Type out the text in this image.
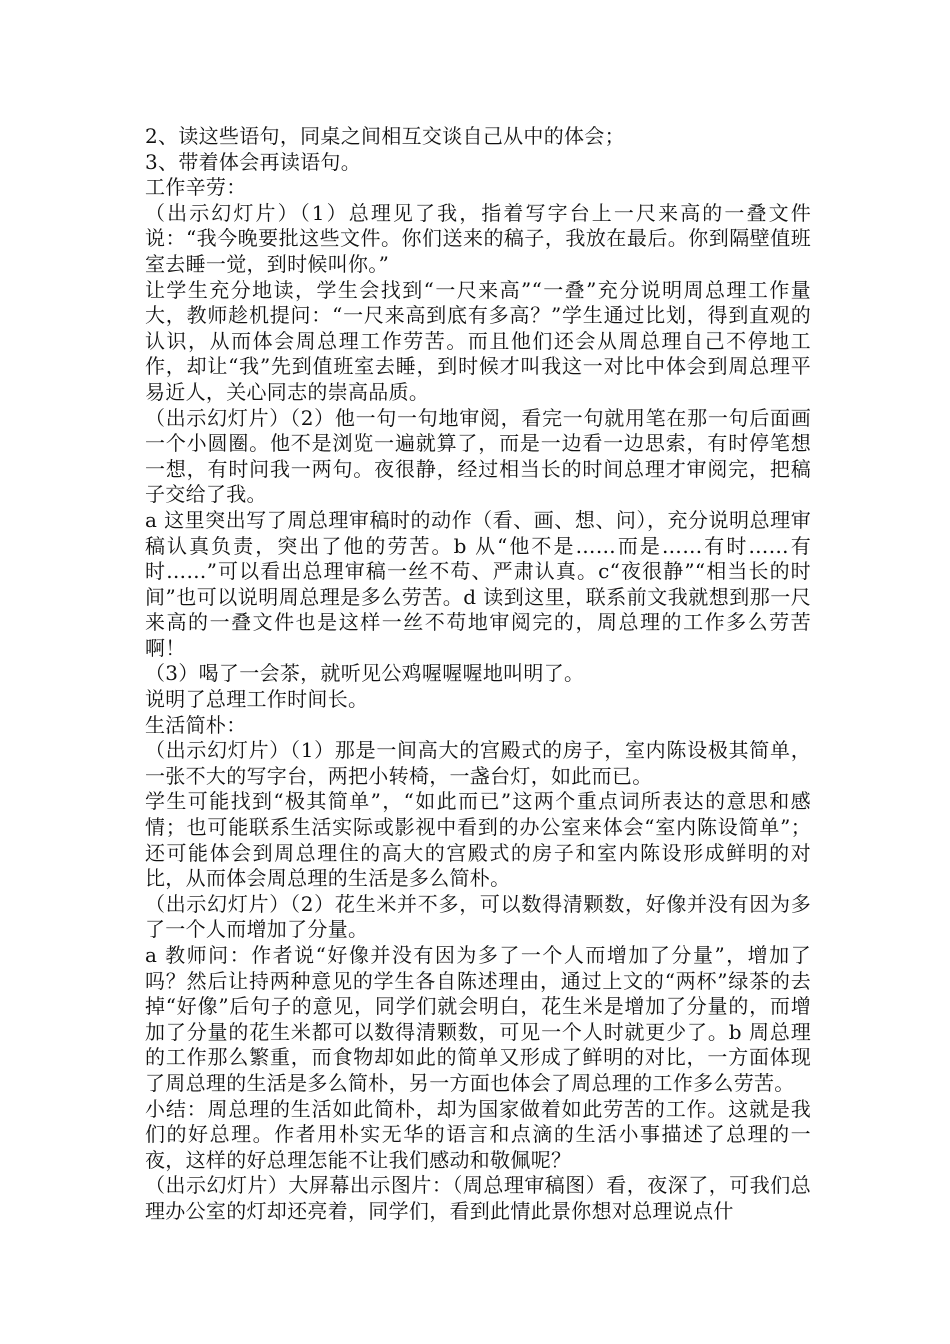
2、读这些语句，同桌之间相互交谈自己从中的体会；

3、带着体会再读语句。

工作辛劳：

（出示幻灯片）（1）总理见了我，指着写字台上一尺来高的一叠文件说：“我今晚要批这些文件。你们送来的稿子，我放在最后。你到隔壁值班室去睡一觉，到时候叫你。”

让学生充分地读，学生会找到“一尺来高”“一叠”充分说明周总理工作量大，教师趁机提问：“一尺来高到底有多高？”学生通过比划，得到直观的认识，从而体会周总理工作劳苦。而且他们还会从周总理自己不停地工作，却让“我”先到值班室去睡，到时候才叫我这一对比中体会到周总理平易近人，关心同志的崇高品质。

（出示幻灯片）（2）他一句一句地审阅，看完一句就用笔在那一句后面画一个小圆圈。他不是浏览一遍就算了，而是一边看一边思索，有时停笔想一想，有时问我一两句。夜很静，经过相当长的时间总理才审阅完，把稿子交给了我。

a 这里突出写了周总理审稿时的动作（看、画、想、问），充分说明总理审稿认真负责，突出了他的劳苦。b 从“他不是……而是……有时……有时……”可以看出总理审稿一丝不苟、严肃认真。c“夜很静”“相当长的时间”也可以说明周总理是多么劳苦。d 读到这里，联系前文我就想到那一尺来高的一叠文件也是这样一丝不苟地审阅完的，周总理的工作多么劳苦啊！

（3）喝了一会茶，就听见公鸡喔喔喔地叫明了。

说明了总理工作时间长。

生活简朴：

（出示幻灯片）（1）那是一间高大的宫殿式的房子，室内陈设极其简单，一张不大的写字台，两把小转椅，一盏台灯，如此而已。

学生可能找到“极其简单”，“如此而已”这两个重点词所表达的意思和感情；也可能联系生活实际或影视中看到的办公室来体会“室内陈设简单”；还可能体会到周总理住的高大的宫殿式的房子和室内陈设形成鲜明的对比，从而体会周总理的生活是多么简朴。

（出示幻灯片）（2）花生米并不多，可以数得清颗数，好像并没有因为多了一个人而增加了分量。

a 教师问：作者说“好像并没有因为多了一个人而增加了分量”，增加了吗？然后让持两种意见的学生各自陈述理由，通过上文的“两杯”绿茶的去掉“好像”后句子的意见，同学们就会明白，花生米是增加了分量的，而增加了分量的花生米都可以数得清颗数，可见一个人时就更少了。b 周总理的工作那么繁重，而食物却如此的简单又形成了鲜明的对比，一方面体现了周总理的生活是多么简朴，另一方面也体会了周总理的工作多么劳苦。

小结：周总理的生活如此简朴，却为国家做着如此劳苦的工作。这就是我们的好总理。作者用朴实无华的语言和点滴的生活小事描述了总理的一夜，这样的好总理怎能不让我们感动和敬佩呢？

（出示幻灯片）大屏幕出示图片：（周总理审稿图）看，夜深了，可我们总理办公室的灯却还亮着，同学们，看到此情此景你想对总理说点什
